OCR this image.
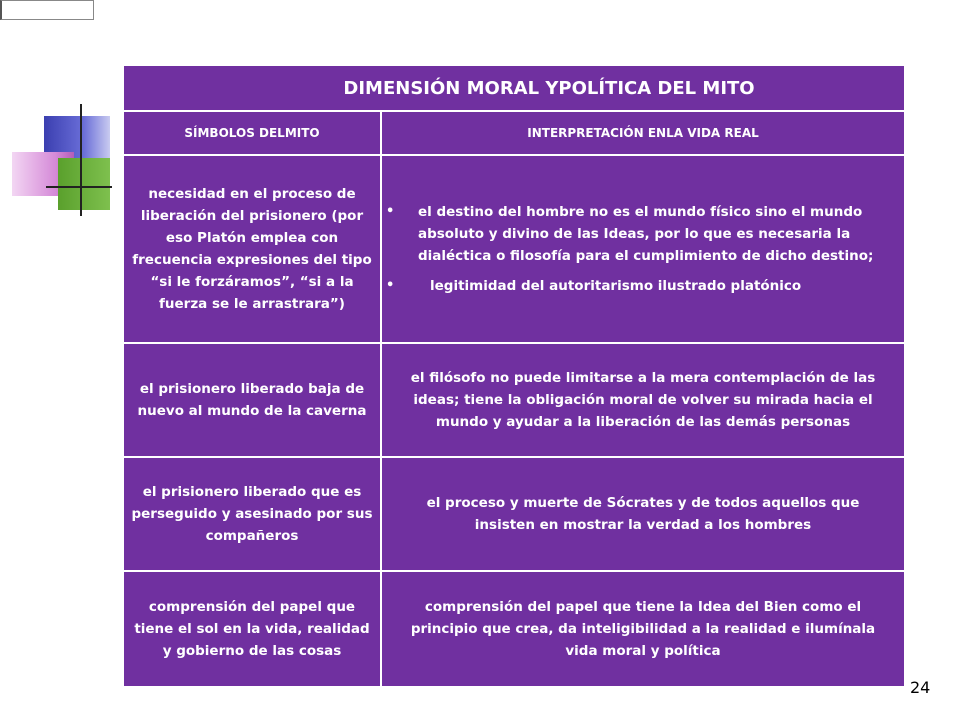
DIMENSIÓN MORAL YPOLÍTICA DEL MITO
SÍMBOLOS DELMITO	INTERPRETACIÓN ENLA VIDA REAL
necesidad en el proceso de liberación del prisionero (por eso Platón emplea con frecuencia expresiones del tipo “si le forzáramos”, “si a la fuerza se le arrastrara”)
• el destino del hombre no es el mundo físico sino el mundo absoluto y divino de las Ideas, por lo que es necesaria la dialéctica o filosofía para el cumplimiento de dicho destino;
• legitimidad del autoritarismo ilustrado platónico
el prisionero liberado baja de nuevo al mundo de la caverna
el filósofo no puede limitarse a la mera contemplación de las ideas; tiene la obligación moral de volver su mirada hacia el mundo y ayudar a la liberación de las demás personas
el prisionero liberado que es perseguido y asesinado por sus compañeros
el proceso y muerte de Sócrates y de todos aquellos que insisten en mostrar la verdad a los hombres
comprensión del papel que tiene el sol en la vida, realidad y gobierno de las cosas
comprensión del papel que tiene la Idea del Bien como el principio que crea, da inteligibilidad a la realidad e ilumínala vida moral y política
24
